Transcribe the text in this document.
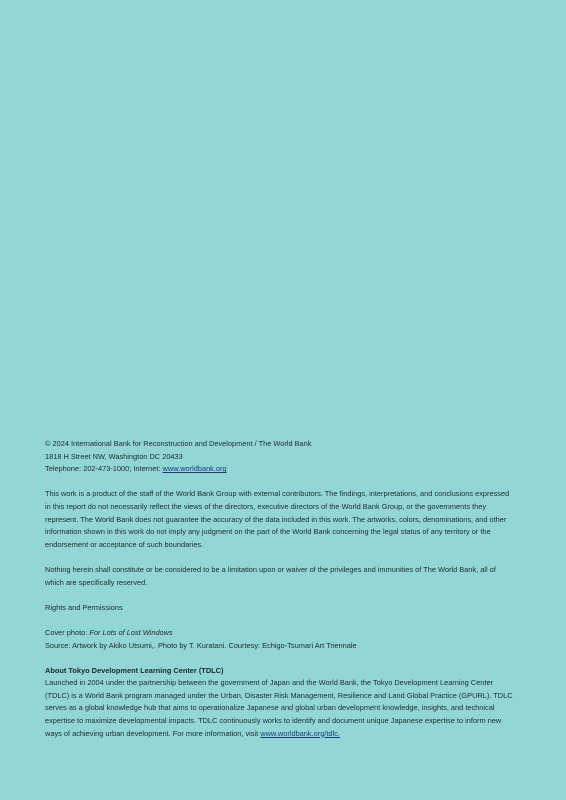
© 2024 International Bank for Reconstruction and Development / The World Bank
1818 H Street NW, Washington DC 20433
Telephone: 202-473-1000; Internet: www.worldbank.org

This work is a product of the staff of the World Bank Group with external contributors. The findings, interpretations, and conclusions expressed in this report do not necessarily reflect the views of the directors, executive directors of the World Bank Group, or the governments they represent. The World Bank does not guarantee the accuracy of the data included in this work. The artworks, colors, denominations, and other information shown in this work do not imply any judgment on the part of the World Bank concerning the legal status of any territory or the endorsement or acceptance of such boundaries.

Nothing herein shall constitute or be considered to be a limitation upon or waiver of the privileges and immunities of The World Bank, all of which are specifically reserved.

Rights and Permissions

Cover photo: For Lots of Lost Windows
Source: Artwork by Akiko Utsumi,. Photo by T. Kuratani. Courtesy: Echigo-Tsumari Art Triennale
About Tokyo Development Learning Center (TDLC)

Launched in 2004 under the partnership between the government of Japan and the World Bank, the Tokyo Development Learning Center (TDLC) is a World Bank program managed under the Urban, Disaster Risk Management, Resilience and Land Global Practice (GPURL). TDLC serves as a global knowledge hub that aims to operationalize Japanese and global urban development knowledge, insights, and technical expertise to maximize developmental impacts. TDLC continuously works to identify and document unique Japanese expertise to inform new ways of achieving urban development. For more information, visit www.worldbank.org/tdlc.
